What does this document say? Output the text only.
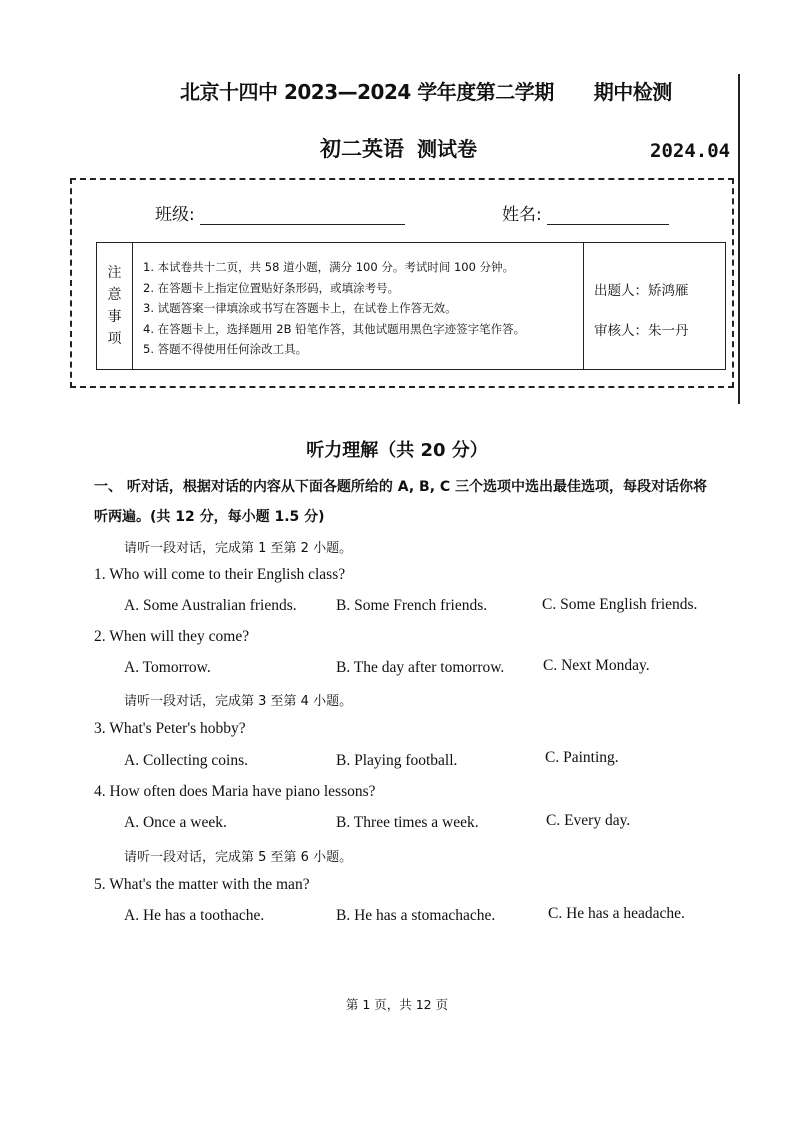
北京十四中 2023—2024 学年度第二学期 期中检测
初二英语 测试卷	2024.04
班级:	姓名:
注
意
事
项
1. 本试卷共十二页，共 58 道小题，满分 100 分。考试时间 100 分钟。
2. 在答题卡上指定位置贴好条形码，或填涂考号。
3. 试题答案一律填涂或书写在答题卡上，在试卷上作答无效。
4. 在答题卡上，选择题用 2B 铅笔作答，其他试题用黑色字迹签字笔作答。
5. 答题不得使用任何涂改工具。
出题人：矫鸿雁
审核人：朱一丹
听力理解（共 20 分）
一、 听对话，根据对话的内容从下面各题所给的 A, B, C 三个选项中选出最佳选项，每段对话你将
听两遍。(共 12 分，每小题 1.5 分)
请听一段对话，完成第 1 至第 2 小题。
1. Who will come to their English class?
A. Some Australian friends.	B. Some French friends.	C. Some English friends.
2. When will they come?
A. Tomorrow.	B. The day after tomorrow. C. Next Monday.
请听一段对话，完成第 3 至第 4 小题。
3. What's Peter's hobby?
A. Collecting coins.	B. Playing football.	C. Painting.
4. How often does Maria have piano lessons?
A. Once a week.	B. Three times a week.	C. Every day.
请听一段对话，完成第 5 至第 6 小题。
5. What's the matter with the man?
A. He has a toothache.	B. He has a stomachache.	C. He has a headache.
第 1 页，共 12 页
